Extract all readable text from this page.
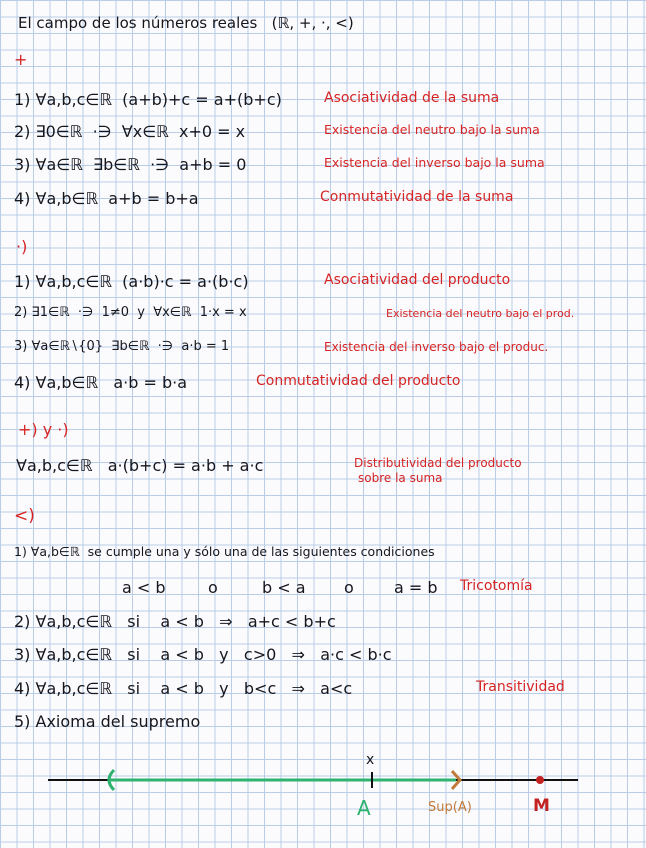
El campo de los números reales   (ℝ, +, ·, <)
+
1) ∀a,b,c∈ℝ  (a+b)+c = a+(b+c)	Asociatividad de la suma
2) ∃0∈ℝ  ·∋  ∀x∈ℝ  x+0 = x	Existencia del neutro bajo la suma
3) ∀a∈ℝ  ∃b∈ℝ  ·∋  a+b = 0	Existencia del inverso bajo la suma
4) ∀a,b∈ℝ  a+b = b+a	Conmutatividad de la suma
·)
1) ∀a,b,c∈ℝ  (a·b)·c = a·(b·c)	Asociatividad del producto
2) ∃1∈ℝ  ·∋  1≠0  y  ∀x∈ℝ  1·x = x	Existencia del neutro bajo el prod.
3) ∀a∈ℝ∖{0}  ∃b∈ℝ  ·∋  a·b = 1	Existencia del inverso bajo el produc.
4) ∀a,b∈ℝ   a·b = b·a	Conmutatividad del producto
+) y ·)
∀a,b,c∈ℝ   a·(b+c) = a·b + a·c	Distributividad del producto
sobre la suma
<)
1) ∀a,b∈ℝ  se cumple una y sólo una de las siguientes condiciones
a < b	o	b < a o	a = b Tricotomía
2) ∀a,b,c∈ℝ   si    a < b   ⇒   a+c < b+c
3) ∀a,b,c∈ℝ   si    a < b   y   c>0   ⇒   a·c < b·c
4) ∀a,b,c∈ℝ   si    a < b   y   b<c   ⇒   a<c	Transitividad
5) Axioma del supremo
x
A	Sup(A)	M
